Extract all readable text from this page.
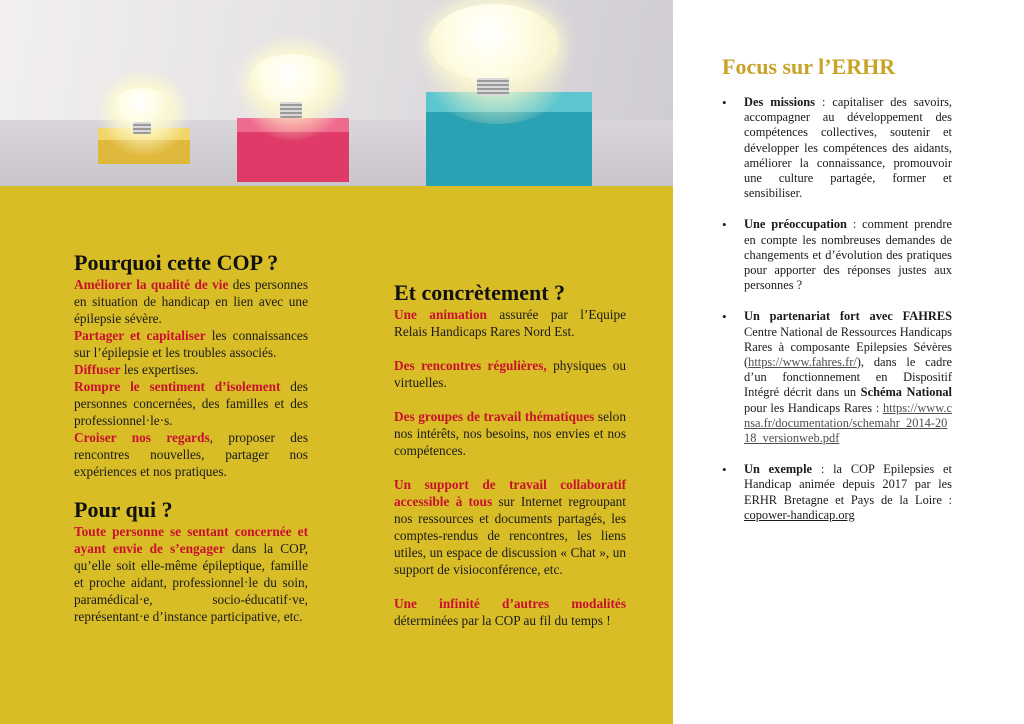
Pourquoi cette COP ?

Améliorer la qualité de vie des personnes en situation de handicap en lien avec une épilepsie sévère.

Partager et capitaliser les connaissances sur l’épilepsie et les troubles associés.

Diffuser les expertises.

Rompre le sentiment d’isolement des personnes concernées, des familles et des professionnel·le·s.

Croiser nos regards, proposer des rencontres nouvelles, partager nos expériences et nos pratiques.

Pour qui ?

Toute personne se sentant concernée et ayant envie de s’engager dans la COP, qu’elle soit elle-même épileptique, famille et proche aidant, professionnel·le du soin, paramédical·e, socio-éducatif·ve, représentant·e d’instance participative, etc.

Et concrètement ?

Une animation assurée par l’Equipe Relais Handicaps Rares Nord Est.

Des rencontres régulières, physiques ou virtuelles.

Des groupes de travail thématiques selon nos intérêts, nos besoins, nos envies et nos compétences.

Un support de travail collaboratif accessible à tous sur Internet regroupant nos ressources et documents partagés, les comptes-rendus de rencontres, les liens utiles, un espace de discussion « Chat », un support de visioconférence, etc.

Une infinité d’autres modalités déterminées par la COP au fil du temps !

Focus sur l’ERHR
• Des missions : capitaliser des savoirs, accompagner au développement des compétences collectives, soutenir et développer les compétences des aidants, améliorer la connaissance, promouvoir une culture partagée, former et sensibiliser.
• Une préoccupation : comment prendre en compte les nombreuses demandes de changements et d’évolution des pratiques pour apporter des réponses justes aux personnes ?
• Un partenariat fort avec FAHRES Centre National de Ressources Handicaps Rares à composante Epilepsies Sévères (https://www.fahres.fr/), dans le cadre d’un fonctionnement en Dispositif Intégré décrit dans un Schéma National pour les Handicaps Rares : https://www.cnsa.fr/documentation/schemahr_2014-2018_versionweb.pdf
• Un exemple : la COP Epilepsies et Handicap animée depuis 2017 par les ERHR Bretagne et Pays de la Loire : copower-handicap.org
